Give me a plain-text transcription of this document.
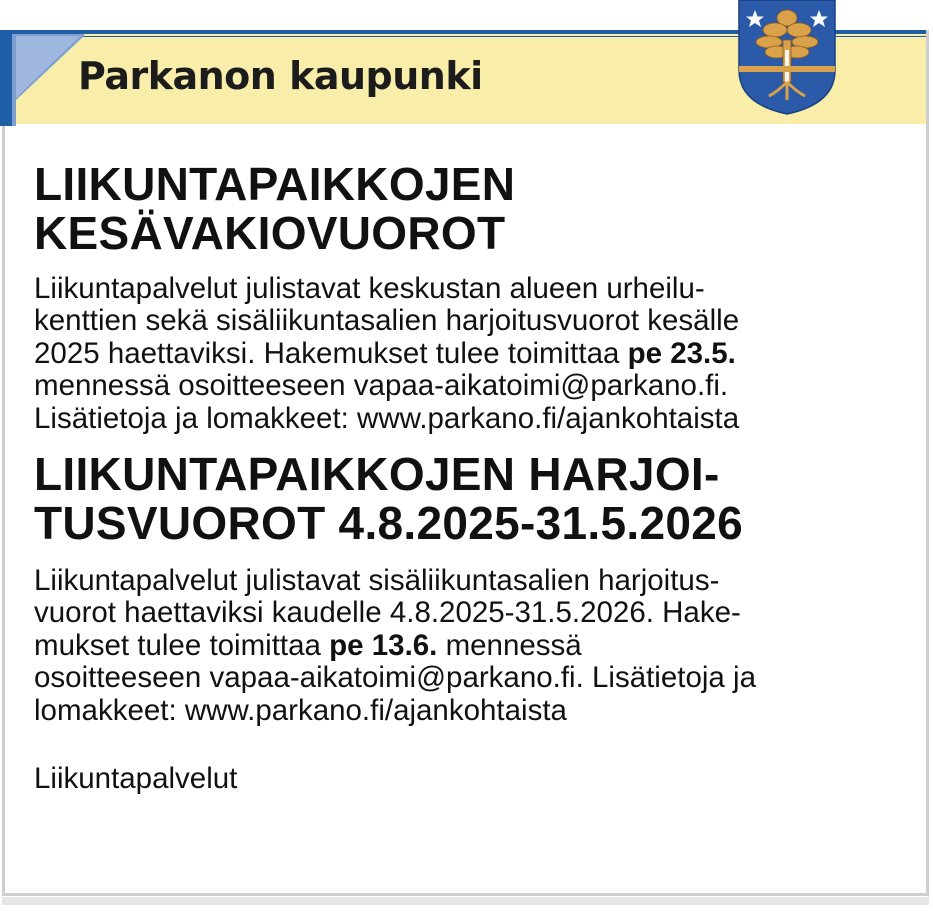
Parkanon kaupunki
LIIKUNTAPAIKKOJEN
KESÄVAKIOVUOROT

Liikuntapalvelut julistavat keskustan alueen urheilu-
kenttien sekä sisäliikuntasalien harjoitusvuorot kesälle
2025 haettaviksi. Hakemukset tulee toimittaa pe 23.5.
mennessä osoitteeseen vapaa-aikatoimi@parkano.fi.
Lisätietoja ja lomakkeet: www.parkano.fi/ajankohtaista

LIIKUNTAPAIKKOJEN HARJOI-
TUSVUOROT 4.8.2025-31.5.2026

Liikuntapalvelut julistavat sisäliikuntasalien harjoitus-
vuorot haettaviksi kaudelle 4.8.2025-31.5.2026. Hake-
mukset tulee toimittaa pe 13.6. mennessä
osoitteeseen vapaa-aikatoimi@parkano.fi. Lisätietoja ja
lomakkeet: www.parkano.fi/ajankohtaista

Liikuntapalvelut
